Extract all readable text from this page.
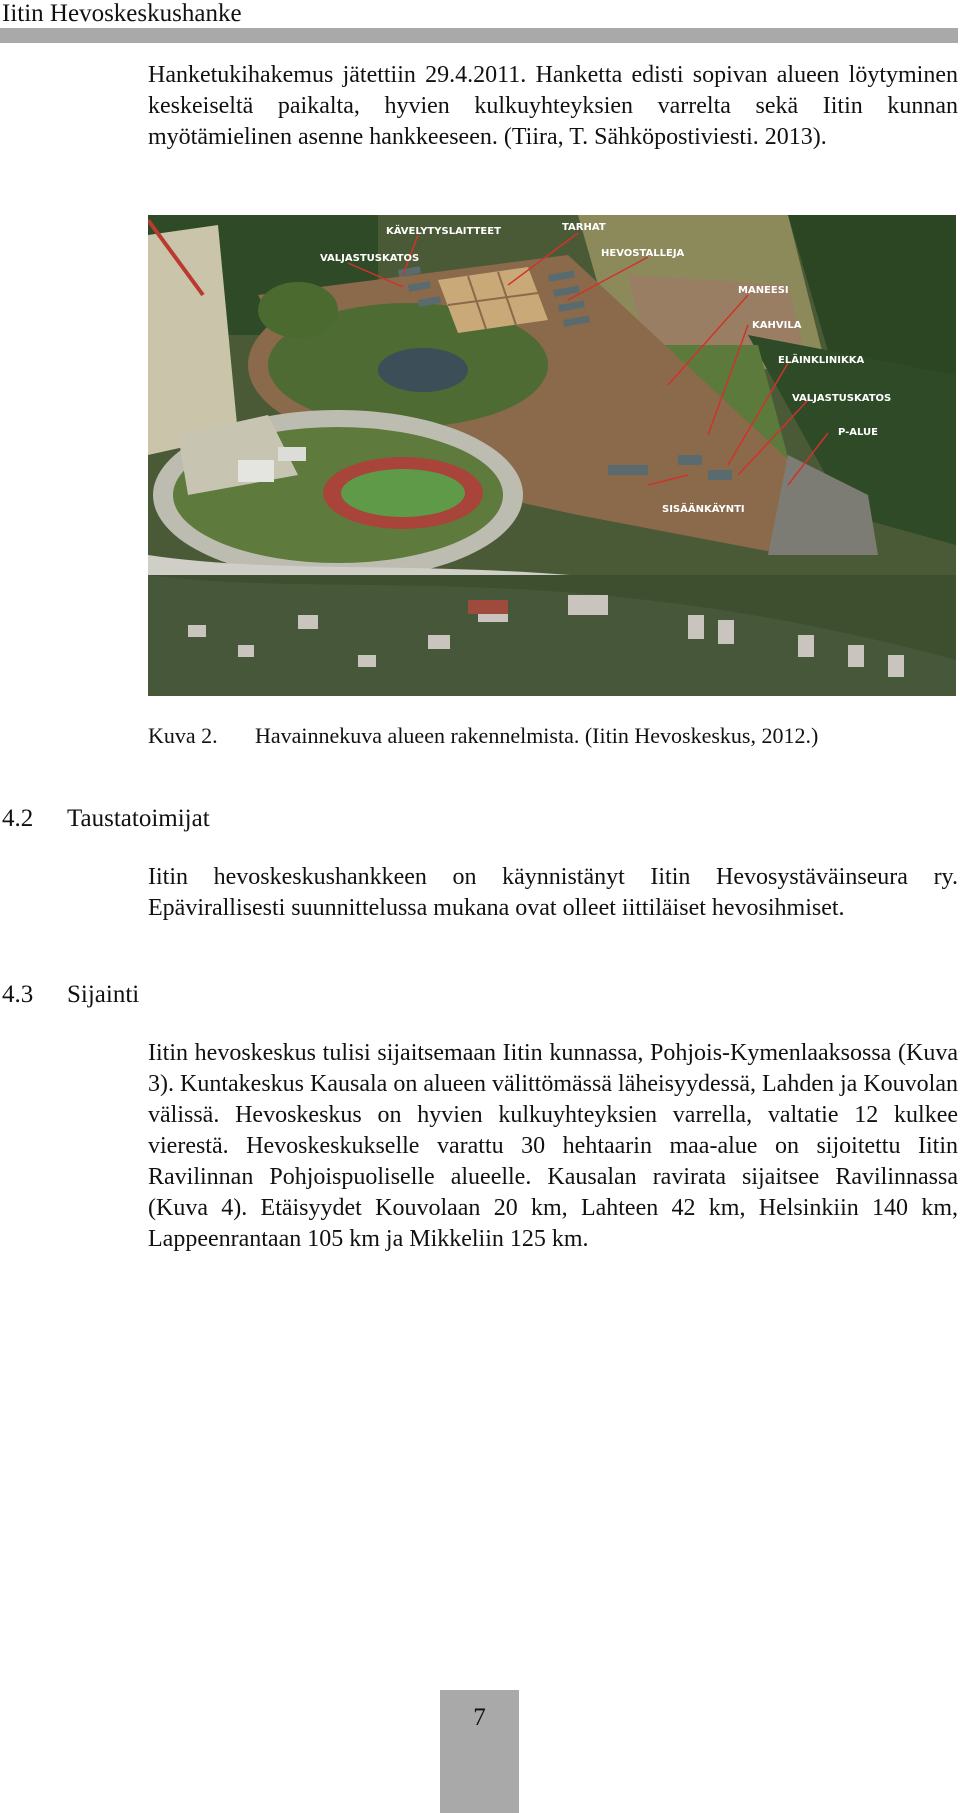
Iitin Hevoskeskushanke

Hanketukihakemus jätettiin 29.4.2011. Hanketta edisti sopivan alueen löytyminen keskeiseltä paikalta, hyvien kulkuyhteyksien varrelta sekä Iitin kunnan myötämielinen asenne hankkeeseen. (Tiira, T. Sähköpostiviesti. 2013).

KÄVELYTYSLAITTEET	TARHAT
HEVOSTALLEJA
VALJASTUSKATOS
MANEESI
KAHVILA
ELÄINKLINIKKA
VALJASTUSKATOS
P-ALUE
SISÄÄNKÄYNTI
Kuva 2. Havainnekuva alueen rakennelmista. (Iitin Hevoskeskus, 2012.)
4.2 Taustatoimijat

Iitin hevoskeskushankkeen on käynnistänyt Iitin Hevosystäväinseura ry. Epävirallisesti suunnittelussa mukana ovat olleet iittiläiset hevosihmiset.

4.3 Sijainti

Iitin hevoskeskus tulisi sijaitsemaan Iitin kunnassa, Pohjois-Kymenlaaksossa (Kuva 3). Kuntakeskus Kausala on alueen välittömässä läheisyydessä, Lahden ja Kouvolan välissä. Hevoskeskus on hyvien kulkuyhteyksien varrella, valtatie 12 kulkee vierestä. Hevoskeskukselle varattu 30 hehtaarin maa-alue on sijoitettu Iitin Ravilinnan Pohjoispuoliselle alueelle. Kausalan ravirata sijaitsee Ravilinnassa (Kuva 4). Etäisyydet Kouvolaan 20 km, Lahteen 42 km, Helsinkiin 140 km, Lappeenrantaan 105 km ja Mikkeliin 125 km.

7
